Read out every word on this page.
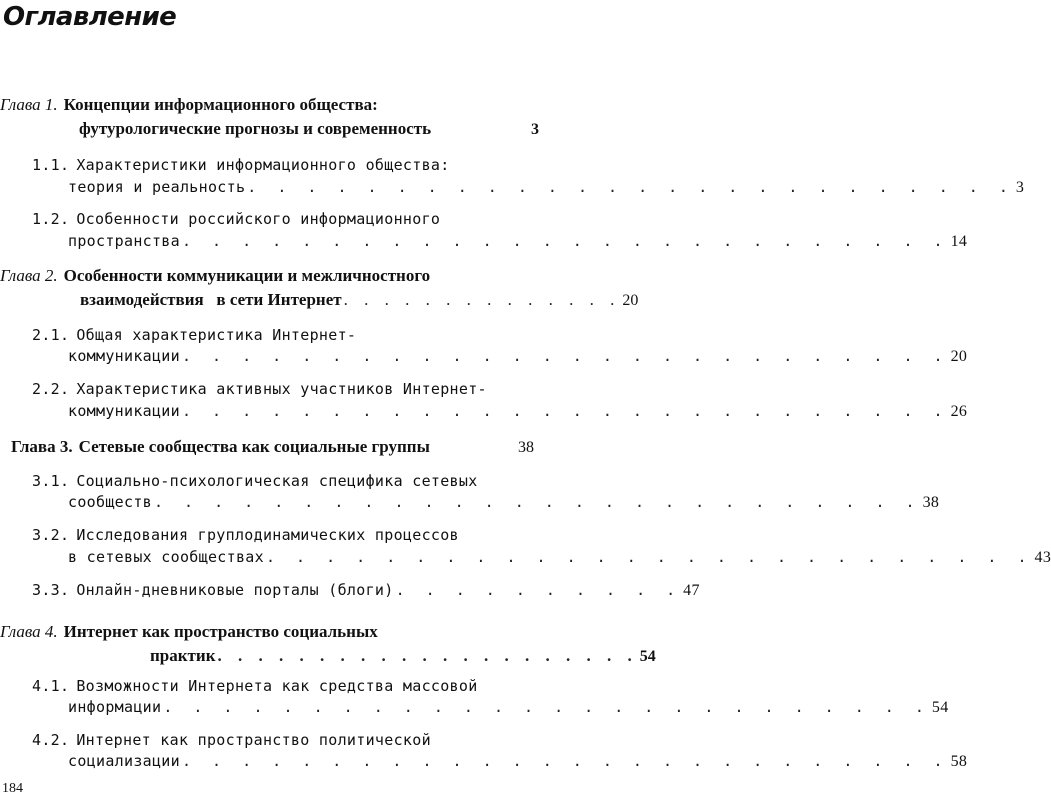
Оглавление
Глава 1. Концепции информационного общества:
футурологические прогнозы и современность	3
1.1. Характеристики информационного общества:
теория и реальность . . . . . . . . . . . . . . . . . . . . . . . . . . 3
1.2. Особенности российского информационного
пространства . . . . . . . . . . . . . . . . . . . . . . . . . . 14
Глава 2. Особенности коммуникации и межличностного
взаимодействия   в сети Интернет . . . . . . . . . . . . . . 20
2.1. Общая характеристика Интернет-
коммуникации . . . . . . . . . . . . . . . . . . . . . . . . . . 20
2.2. Характеристика активных участников Интернет-
коммуникации . . . . . . . . . . . . . . . . . . . . . . . . . . 26
Глава 3. Сетевые сообщества как социальные группы	38
3.1. Социально-психологическая специфика сетевых
сообществ . . . . . . . . . . . . . . . . . . . . . . . . . . 38
3.2. Исследования груплодинамических процессов
в сетевых сообществах . . . . . . . . . . . . . . . . . . . . . . . . . . 43
3.3. Онлайн-дневниковые порталы (блоги) . . . . . . . . . . 47
Глава 4. Интернет как пространство социальных
практик . . . . . . . . . . . . . . . . . . . . . 54
4.1. Возможности Интернета как средства массовой
информации . . . . . . . . . . . . . . . . . . . . . . . . . . 54
4.2. Интернет как пространство политической
социализации . . . . . . . . . . . . . . . . . . . . . . . . . . 58
184
